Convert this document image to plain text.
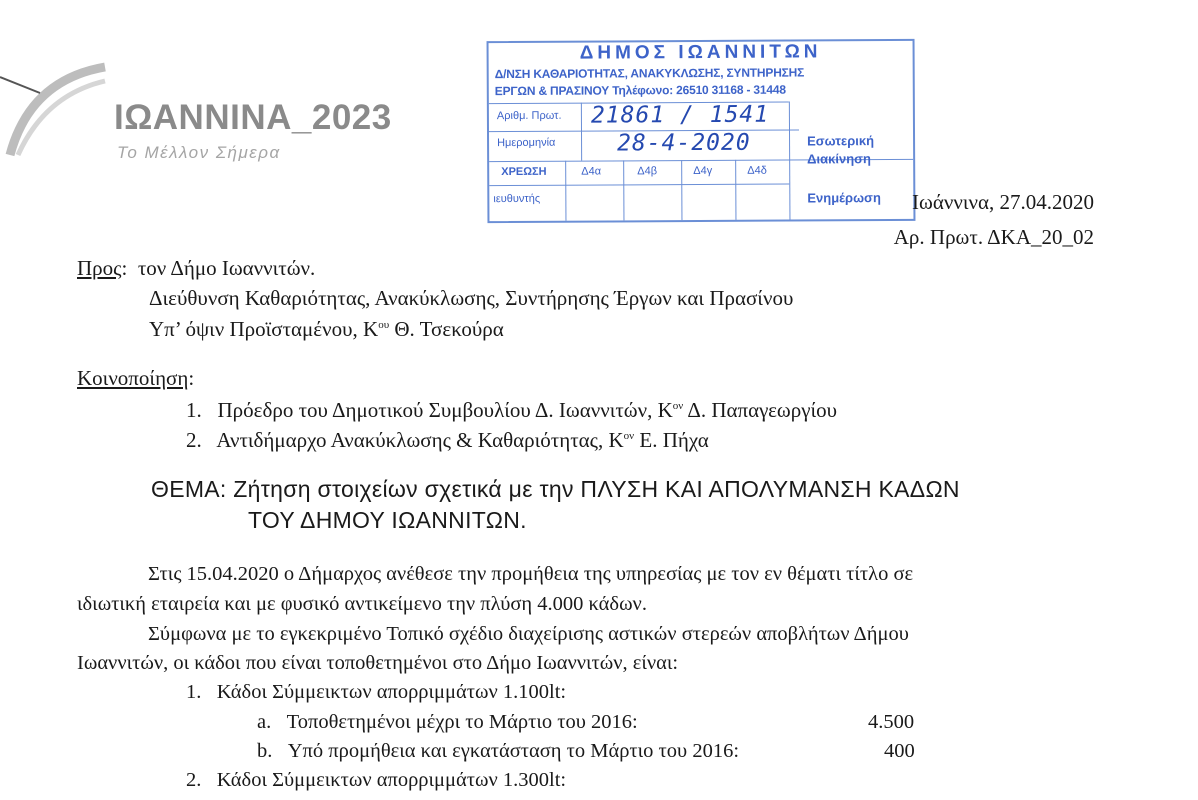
ΙΩΑΝΝΙΝΑ_2023
Το Μέλλον Σήμερα
ΔΗΜΟΣ ΙΩΑΝΝΙΤΩΝ
Δ/ΝΣΗ ΚΑΘΑΡΙΟΤΗΤΑΣ, ΑΝΑΚΥΚΛΩΣΗΣ, ΣΥΝΤΗΡΗΣΗΣ
ΕΡΓΩΝ & ΠΡΑΣΙΝΟΥ Τηλέφωνο: 26510 31168 - 31448
Αριθμ. Πρωτ. 21861 / 1541
Ημερομηνία	28-4-2020
ΧΡΕΩΣΗ	Δ4α	Δ4β	Δ4γ	Δ4δ
ιευθυντής
Εσωτερική
Διακίνηση
Ενημέρωση Ιωάννινα, 27.04.2020
Αρ. Πρωτ. ΔΚΑ_20_02
Προς:  τον Δήμο Ιωαννιτών.
Διεύθυνση Καθαριότητας, Ανακύκλωσης, Συντήρησης Έργων και Πρασίνου
Υπ’ όψιν Προϊσταμένου, $K^{o\upsilon}$ Θ. Τσεκούρα
Κοινοποίηση:
1. Πρόεδρο του Δημοτικού Συμβουλίου Δ. Ιωαννιτών, $K^{o\nu}$ Δ. Παπαγεωργίου
2. Αντιδήμαρχο Ανακύκλωσης & Καθαριότητας, $K^{o\nu}$ Ε. Πήχα
ΘΕΜΑ: Ζήτηση στοιχείων σχετικά με την ΠΛΥΣΗ ΚΑΙ ΑΠΟΛΥΜΑΝΣΗ ΚΑΔΩΝ
ΤΟΥ ΔΗΜΟΥ ΙΩΑΝΝΙΤΩΝ.
Στις 15.04.2020 ο Δήμαρχος ανέθεσε την προμήθεια της υπηρεσίας με τον εν θέματι τίτλο σε
ιδιωτική εταιρεία και με φυσικό αντικείμενο την πλύση 4.000 κάδων.
Σύμφωνα με το εγκεκριμένο Τοπικό σχέδιο διαχείρισης αστικών στερεών αποβλήτων Δήμου
Ιωαννιτών, οι κάδοι που είναι τοποθετημένοι στο Δήμο Ιωαννιτών, είναι:
1. Κάδοι Σύμμεικτων απορριμμάτων 1.100lt:
a. Τοποθετημένοι μέχρι το Μάρτιο του 2016:	4.500
b. Υπό προμήθεια και εγκατάσταση το Μάρτιο του 2016:	400
2. Κάδοι Σύμμεικτων απορριμμάτων 1.300lt:
